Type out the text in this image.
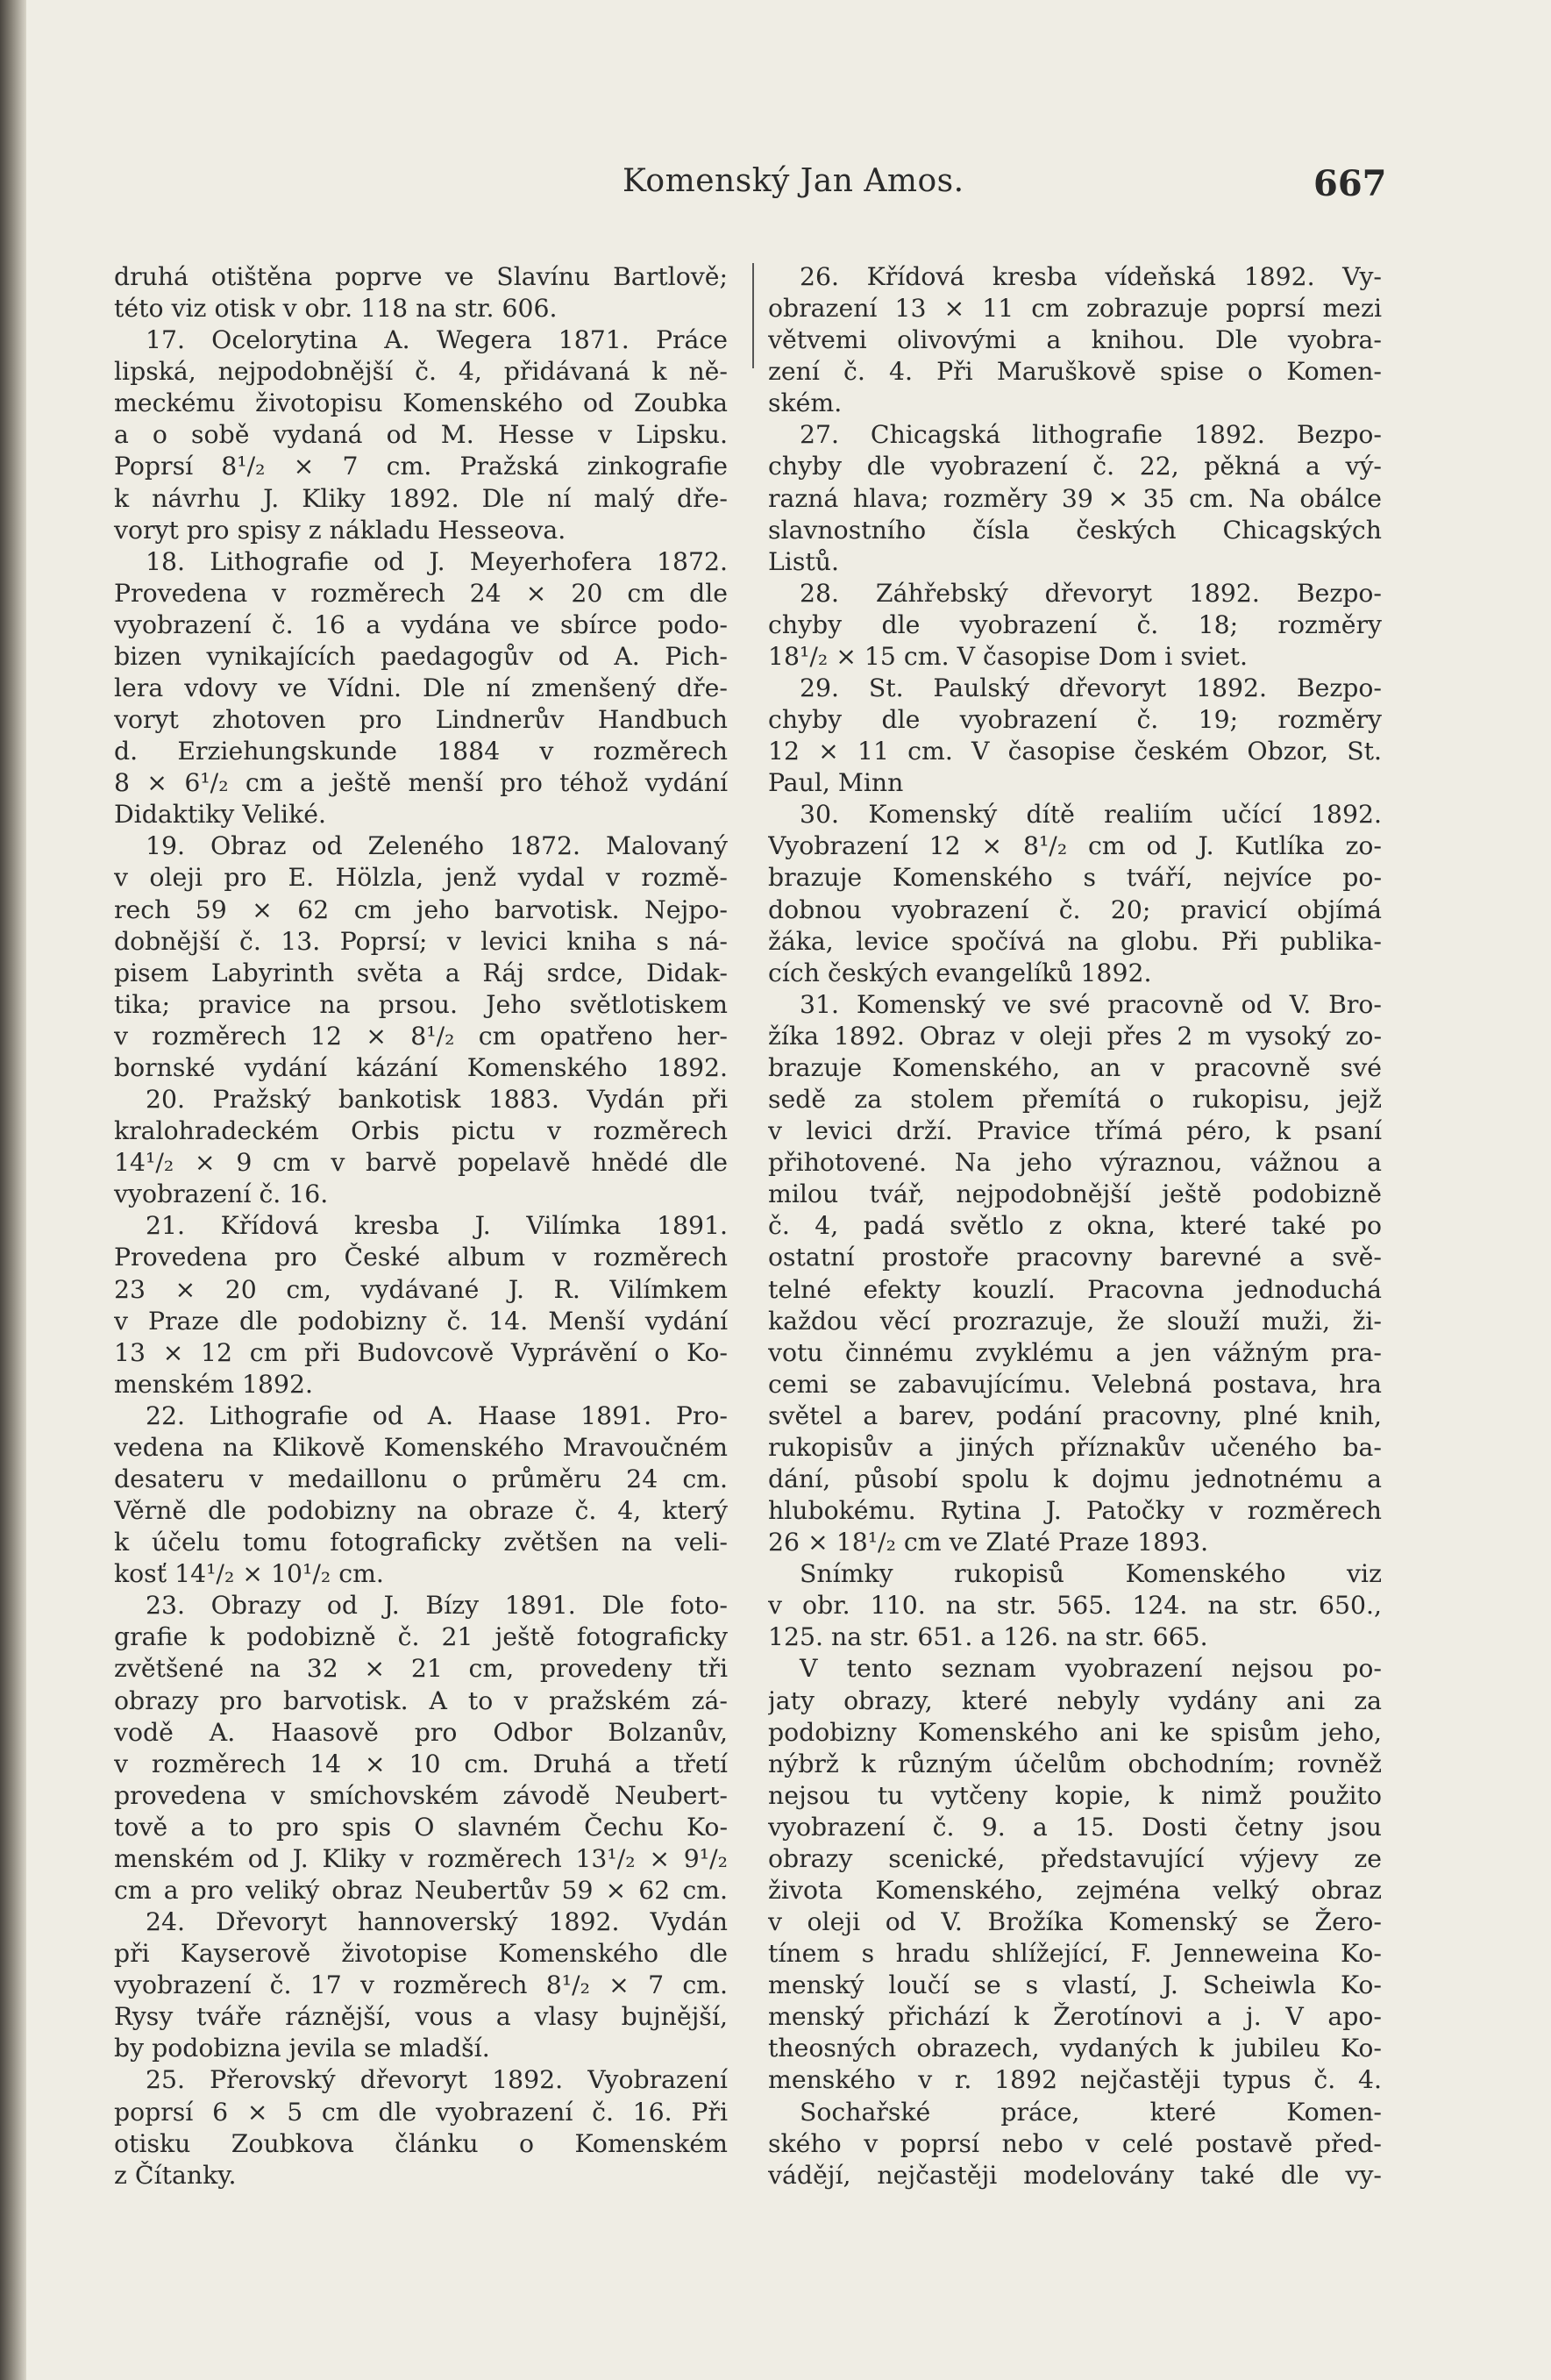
Komenský Jan Amos.	667
druhá otištěna poprve ve Slavínu Bartlově;
této viz otisk v obr. 118 na str. 606.
17. Ocelorytina A. Wegera 1871. Práce
lipská, nejpodobnější č. 4, přidávaná k ně-
meckému životopisu Komenského od Zoubka
a o sobě vydaná od M. Hesse v Lipsku.
Poprsí 8¹/₂ × 7 cm. Pražská zinkografie
k návrhu J. Kliky 1892. Dle ní malý dře-
voryt pro spisy z nákladu Hesseova.
18. Lithografie od J. Meyerhofera 1872.
Provedena v rozměrech 24 × 20 cm dle
vyobrazení č. 16 a vydána ve sbírce podo-
bizen vynikajících paedagogův od A. Pich-
lera vdovy ve Vídni. Dle ní zmenšený dře-
voryt zhotoven pro Lindnerův Handbuch
d. Erziehungskunde 1884 v rozměrech
8 × 6¹/₂ cm a ještě menší pro téhož vydání
Didaktiky Veliké.
19. Obraz od Zeleného 1872. Malovaný
v oleji pro E. Hölzla, jenž vydal v rozmě-
rech 59 × 62 cm jeho barvotisk. Nejpo-
dobnější č. 13. Poprsí; v levici kniha s ná-
pisem Labyrinth světa a Ráj srdce, Didak-
tika; pravice na prsou. Jeho světlotiskem
v rozměrech 12 × 8¹/₂ cm opatřeno her-
bornské vydání kázání Komenského 1892.
20. Pražský bankotisk 1883. Vydán při
kralohradeckém Orbis pictu v rozměrech
14¹/₂ × 9 cm v barvě popelavě hnědé dle
vyobrazení č. 16.
21. Křídová kresba J. Vilímka 1891.
Provedena pro České album v rozměrech
23 × 20 cm, vydávané J. R. Vilímkem
v Praze dle podobizny č. 14. Menší vydání
13 × 12 cm při Budovcově Vyprávění o Ko-
menském 1892.
22. Lithografie od A. Haase 1891. Pro-
vedena na Klikově Komenského Mravoučném
desateru v medaillonu o průměru 24 cm.
Věrně dle podobizny na obraze č. 4, který
k účelu tomu fotograficky zvětšen na veli-
kosť 14¹/₂ × 10¹/₂ cm.
23. Obrazy od J. Bízy 1891. Dle foto-
grafie k podobizně č. 21 ještě fotograficky
zvětšené na 32 × 21 cm, provedeny tři
obrazy pro barvotisk. A to v pražském zá-
vodě A. Haasově pro Odbor Bolzanův,
v rozměrech 14 × 10 cm. Druhá a třetí
provedena v smíchovském závodě Neubert-
tově a to pro spis O slavném Čechu Ko-
menském od J. Kliky v rozměrech 13¹/₂ × 9¹/₂
cm a pro veliký obraz Neubertův 59 × 62 cm.
24. Dřevoryt hannoverský 1892. Vydán
při Kayserově životopise Komenského dle
vyobrazení č. 17 v rozměrech 8¹/₂ × 7 cm.
Rysy tváře ráznější, vous a vlasy bujnější,
by podobizna jevila se mladší.
25. Přerovský dřevoryt 1892. Vyobrazení
poprsí 6 × 5 cm dle vyobrazení č. 16. Při
otisku Zoubkova článku o Komenském
z Čítanky.
26. Křídová kresba vídeňská 1892. Vy-
obrazení 13 × 11 cm zobrazuje poprsí mezi
větvemi olivovými a knihou. Dle vyobra-
zení č. 4. Při Maruškově spise o Komen-
ském.
27. Chicagská lithografie 1892. Bezpo-
chyby dle vyobrazení č. 22, pěkná a vý-
razná hlava; rozměry 39 × 35 cm. Na obálce
slavnostního čísla českých Chicagských
Listů.
28. Záhřebský dřevoryt 1892. Bezpo-
chyby dle vyobrazení č. 18; rozměry
18¹/₂ × 15 cm. V časopise Dom i sviet.
29. St. Paulský dřevoryt 1892. Bezpo-
chyby dle vyobrazení č. 19; rozměry
12 × 11 cm. V časopise českém Obzor, St.
Paul, Minn
30. Komenský dítě realiím učící 1892.
Vyobrazení 12 × 8¹/₂ cm od J. Kutlíka zo-
brazuje Komenského s tváří, nejvíce po-
dobnou vyobrazení č. 20; pravicí objímá
žáka, levice spočívá na globu. Při publika-
cích českých evangelíků 1892.
31. Komenský ve své pracovně od V. Bro-
žíka 1892. Obraz v oleji přes 2 m vysoký zo-
brazuje Komenského, an v pracovně své
sedě za stolem přemítá o rukopisu, jejž
v levici drží. Pravice třímá péro, k psaní
přihotovené. Na jeho výraznou, vážnou a
milou tvář, nejpodobnější ještě podobizně
č. 4, padá světlo z okna, které také po
ostatní prostoře pracovny barevné a svě-
telné efekty kouzlí. Pracovna jednoduchá
každou věcí prozrazuje, že slouží muži, ži-
votu činnému zvyklému a jen vážným pra-
cemi se zabavujícímu. Velebná postava, hra
světel a barev, podání pracovny, plné knih,
rukopisův a jiných příznakův učeného ba-
dání, působí spolu k dojmu jednotnému a
hlubokému. Rytina J. Patočky v rozměrech
26 × 18¹/₂ cm ve Zlaté Praze 1893.
Snímky rukopisů Komenského viz
v obr. 110. na str. 565. 124. na str. 650.,
125. na str. 651. a 126. na str. 665.
V tento seznam vyobrazení nejsou po-
jaty obrazy, které nebyly vydány ani za
podobizny Komenského ani ke spisům jeho,
nýbrž k různým účelům obchodním; rovněž
nejsou tu vytčeny kopie, k nimž použito
vyobrazení č. 9. a 15. Dosti četny jsou
obrazy scenické, představující výjevy ze
života Komenského, zejména velký obraz
v oleji od V. Brožíka Komenský se Žero-
tínem s hradu shlížející, F. Jenneweina Ko-
menský loučí se s vlastí, J. Scheiwla Ko-
menský přichází k Žerotínovi a j. V apo-
theosných obrazech, vydaných k jubileu Ko-
menského v r. 1892 nejčastěji typus č. 4.
Sochařské práce, které Komen-
ského v poprsí nebo v celé postavě před-
vádějí, nejčastěji modelovány také dle vy-
